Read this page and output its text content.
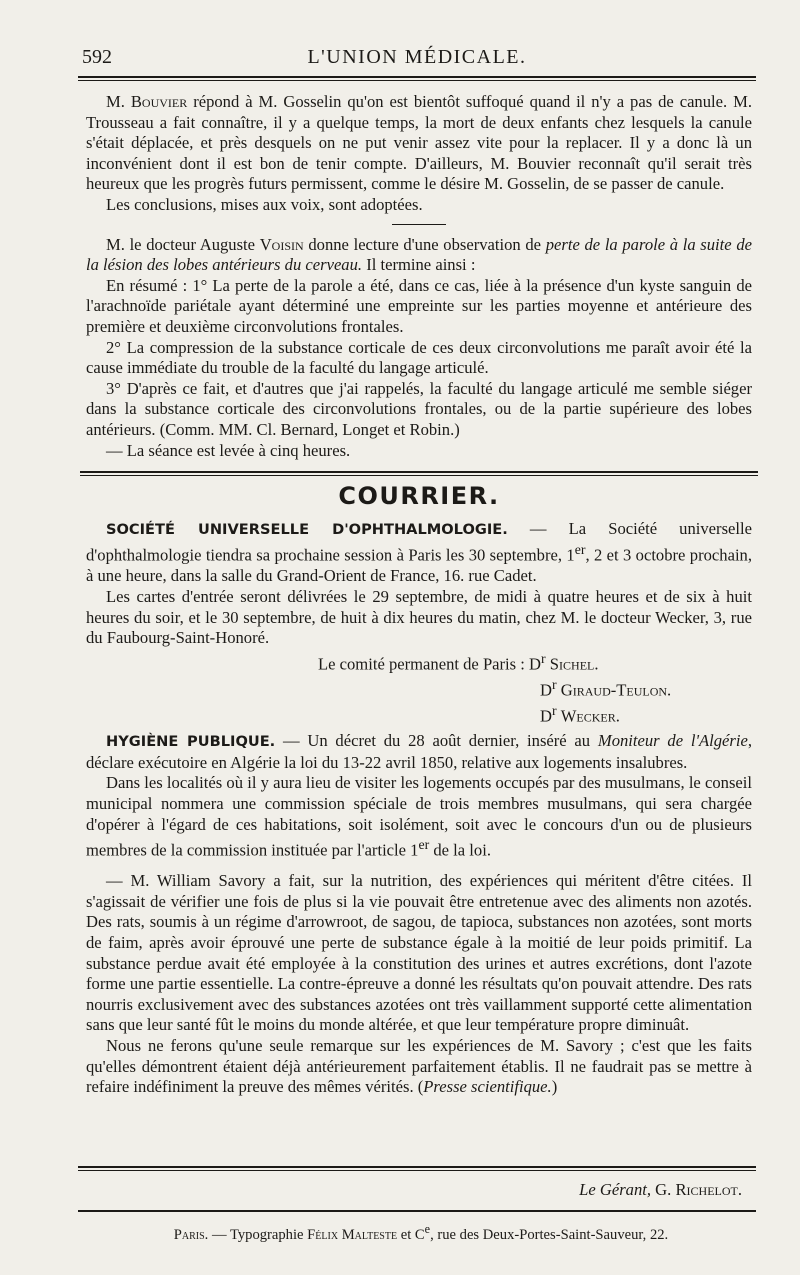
592	L'UNION MÉDICALE.

M. Bouvier répond à M. Gosselin qu'on est bientôt suffoqué quand il n'y a pas de canule. M. Trousseau a fait connaître, il y a quelque temps, la mort de deux enfants chez lesquels la canule s'était déplacée, et près desquels on ne put venir assez vite pour la replacer. Il y a donc là un inconvénient dont il est bon de tenir compte. D'ailleurs, M. Bouvier reconnaît qu'il serait très heureux que les progrès futurs permissent, comme le désire M. Gosselin, de se passer de canule.

Les conclusions, mises aux voix, sont adoptées.

M. le docteur Auguste Voisin donne lecture d'une observation de perte de la parole à la suite de la lésion des lobes antérieurs du cerveau. Il termine ainsi :

En résumé : 1° La perte de la parole a été, dans ce cas, liée à la présence d'un kyste sanguin de l'arachnoïde pariétale ayant déterminé une empreinte sur les parties moyenne et antérieure des première et deuxième circonvolutions frontales.

2° La compression de la substance corticale de ces deux circonvolutions me paraît avoir été la cause immédiate du trouble de la faculté du langage articulé.

3° D'après ce fait, et d'autres que j'ai rappelés, la faculté du langage articulé me semble siéger dans la substance corticale des circonvolutions frontales, ou de la partie supérieure des lobes antérieurs. (Comm. MM. Cl. Bernard, Longet et Robin.)

— La séance est levée à cinq heures.

COURRIER.

SOCIÉTÉ UNIVERSELLE D'OPHTHALMOLOGIE. — La Société universelle d'ophthalmologie tiendra sa prochaine session à Paris les 30 septembre, 1er, 2 et 3 octobre prochain, à une heure, dans la salle du Grand-Orient de France, 16. rue Cadet.

Les cartes d'entrée seront délivrées le 29 septembre, de midi à quatre heures et de six à huit heures du soir, et le 30 septembre, de huit à dix heures du matin, chez M. le docteur Wecker, 3, rue du Faubourg-Saint-Honoré.

Le comité permanent de Paris : $D^r$ Sichel.
$D^r$ Giraud-Teulon.
$D^r$ Wecker.

HYGIÈNE PUBLIQUE. — Un décret du 28 août dernier, inséré au Moniteur de l'Algérie, déclare exécutoire en Algérie la loi du 13-22 avril 1850, relative aux logements insalubres.

Dans les localités où il y aura lieu de visiter les logements occupés par des musulmans, le conseil municipal nommera une commission spéciale de trois membres musulmans, qui sera chargée d'opérer à l'égard de ces habitations, soit isolément, soit avec le concours d'un ou de plusieurs membres de la commission instituée par l'article 1er de la loi.

— M. William Savory a fait, sur la nutrition, des expériences qui méritent d'être citées. Il s'agissait de vérifier une fois de plus si la vie pouvait être entretenue avec des aliments non azotés. Des rats, soumis à un régime d'arrowroot, de sagou, de tapioca, substances non azotées, sont morts de faim, après avoir éprouvé une perte de substance égale à la moitié de leur poids primitif. La substance perdue avait été employée à la constitution des urines et autres excrétions, dont l'azote forme une partie essentielle. La contre-épreuve a donné les résultats qu'on pouvait attendre. Des rats nourris exclusivement avec des substances azotées ont très vaillamment supporté cette alimentation sans que leur santé fût le moins du monde altérée, et que leur température propre diminuât.

Nous ne ferons qu'une seule remarque sur les expériences de M. Savory ; c'est que les faits qu'elles démontrent étaient déjà antérieurement parfaitement établis. Il ne faudrait pas se mettre à refaire indéfiniment la preuve des mêmes vérités. (Presse scientifique.)

Le Gérant, G. Richelot.
Paris. — Typographie Félix Malteste et Ce, rue des Deux-Portes-Saint-Sauveur, 22.
